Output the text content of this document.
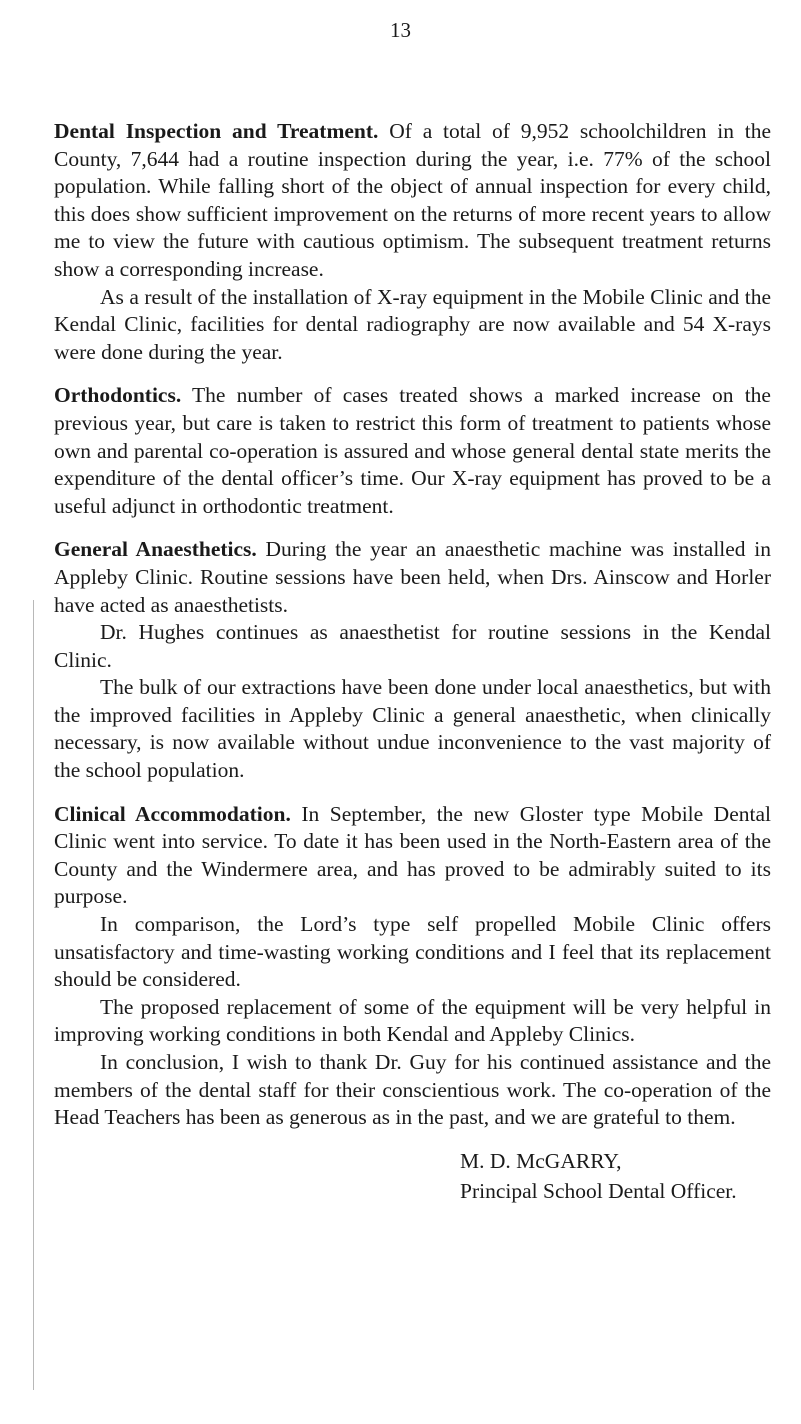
13

Dental Inspection and Treatment. Of a total of 9,952 schoolchildren in the County, 7,644 had a routine inspection during the year, i.e. 77% of the school population. While falling short of the object of annual inspection for every child, this does show sufficient improvement on the returns of more recent years to allow me to view the future with cautious optimism. The subsequent treatment returns show a corresponding increase.

As a result of the installation of X-ray equipment in the Mobile Clinic and the Kendal Clinic, facilities for dental radiography are now available and 54 X-rays were done during the year.

Orthodontics. The number of cases treated shows a marked increase on the previous year, but care is taken to restrict this form of treatment to patients whose own and parental co-operation is assured and whose general dental state merits the expenditure of the dental officer’s time. Our X-ray equipment has proved to be a useful adjunct in orthodontic treatment.

General Anaesthetics. During the year an anaesthetic machine was installed in Appleby Clinic. Routine sessions have been held, when Drs. Ainscow and Horler have acted as anaesthetists.

Dr. Hughes continues as anaesthetist for routine sessions in the Kendal Clinic.

The bulk of our extractions have been done under local anaesthetics, but with the improved facilities in Appleby Clinic a general anaesthetic, when clinically necessary, is now available without undue inconvenience to the vast majority of the school population.

Clinical Accommodation. In September, the new Gloster type Mobile Dental Clinic went into service. To date it has been used in the North-Eastern area of the County and the Windermere area, and has proved to be admirably suited to its purpose.

In comparison, the Lord’s type self propelled Mobile Clinic offers unsatisfactory and time-wasting working conditions and I feel that its replacement should be considered.

The proposed replacement of some of the equipment will be very helpful in improving working conditions in both Kendal and Appleby Clinics.

In conclusion, I wish to thank Dr. Guy for his continued assistance and the members of the dental staff for their conscientious work. The co-operation of the Head Teachers has been as generous as in the past, and we are grateful to them.

M. D. McGARRY,
Principal School Dental Officer.
